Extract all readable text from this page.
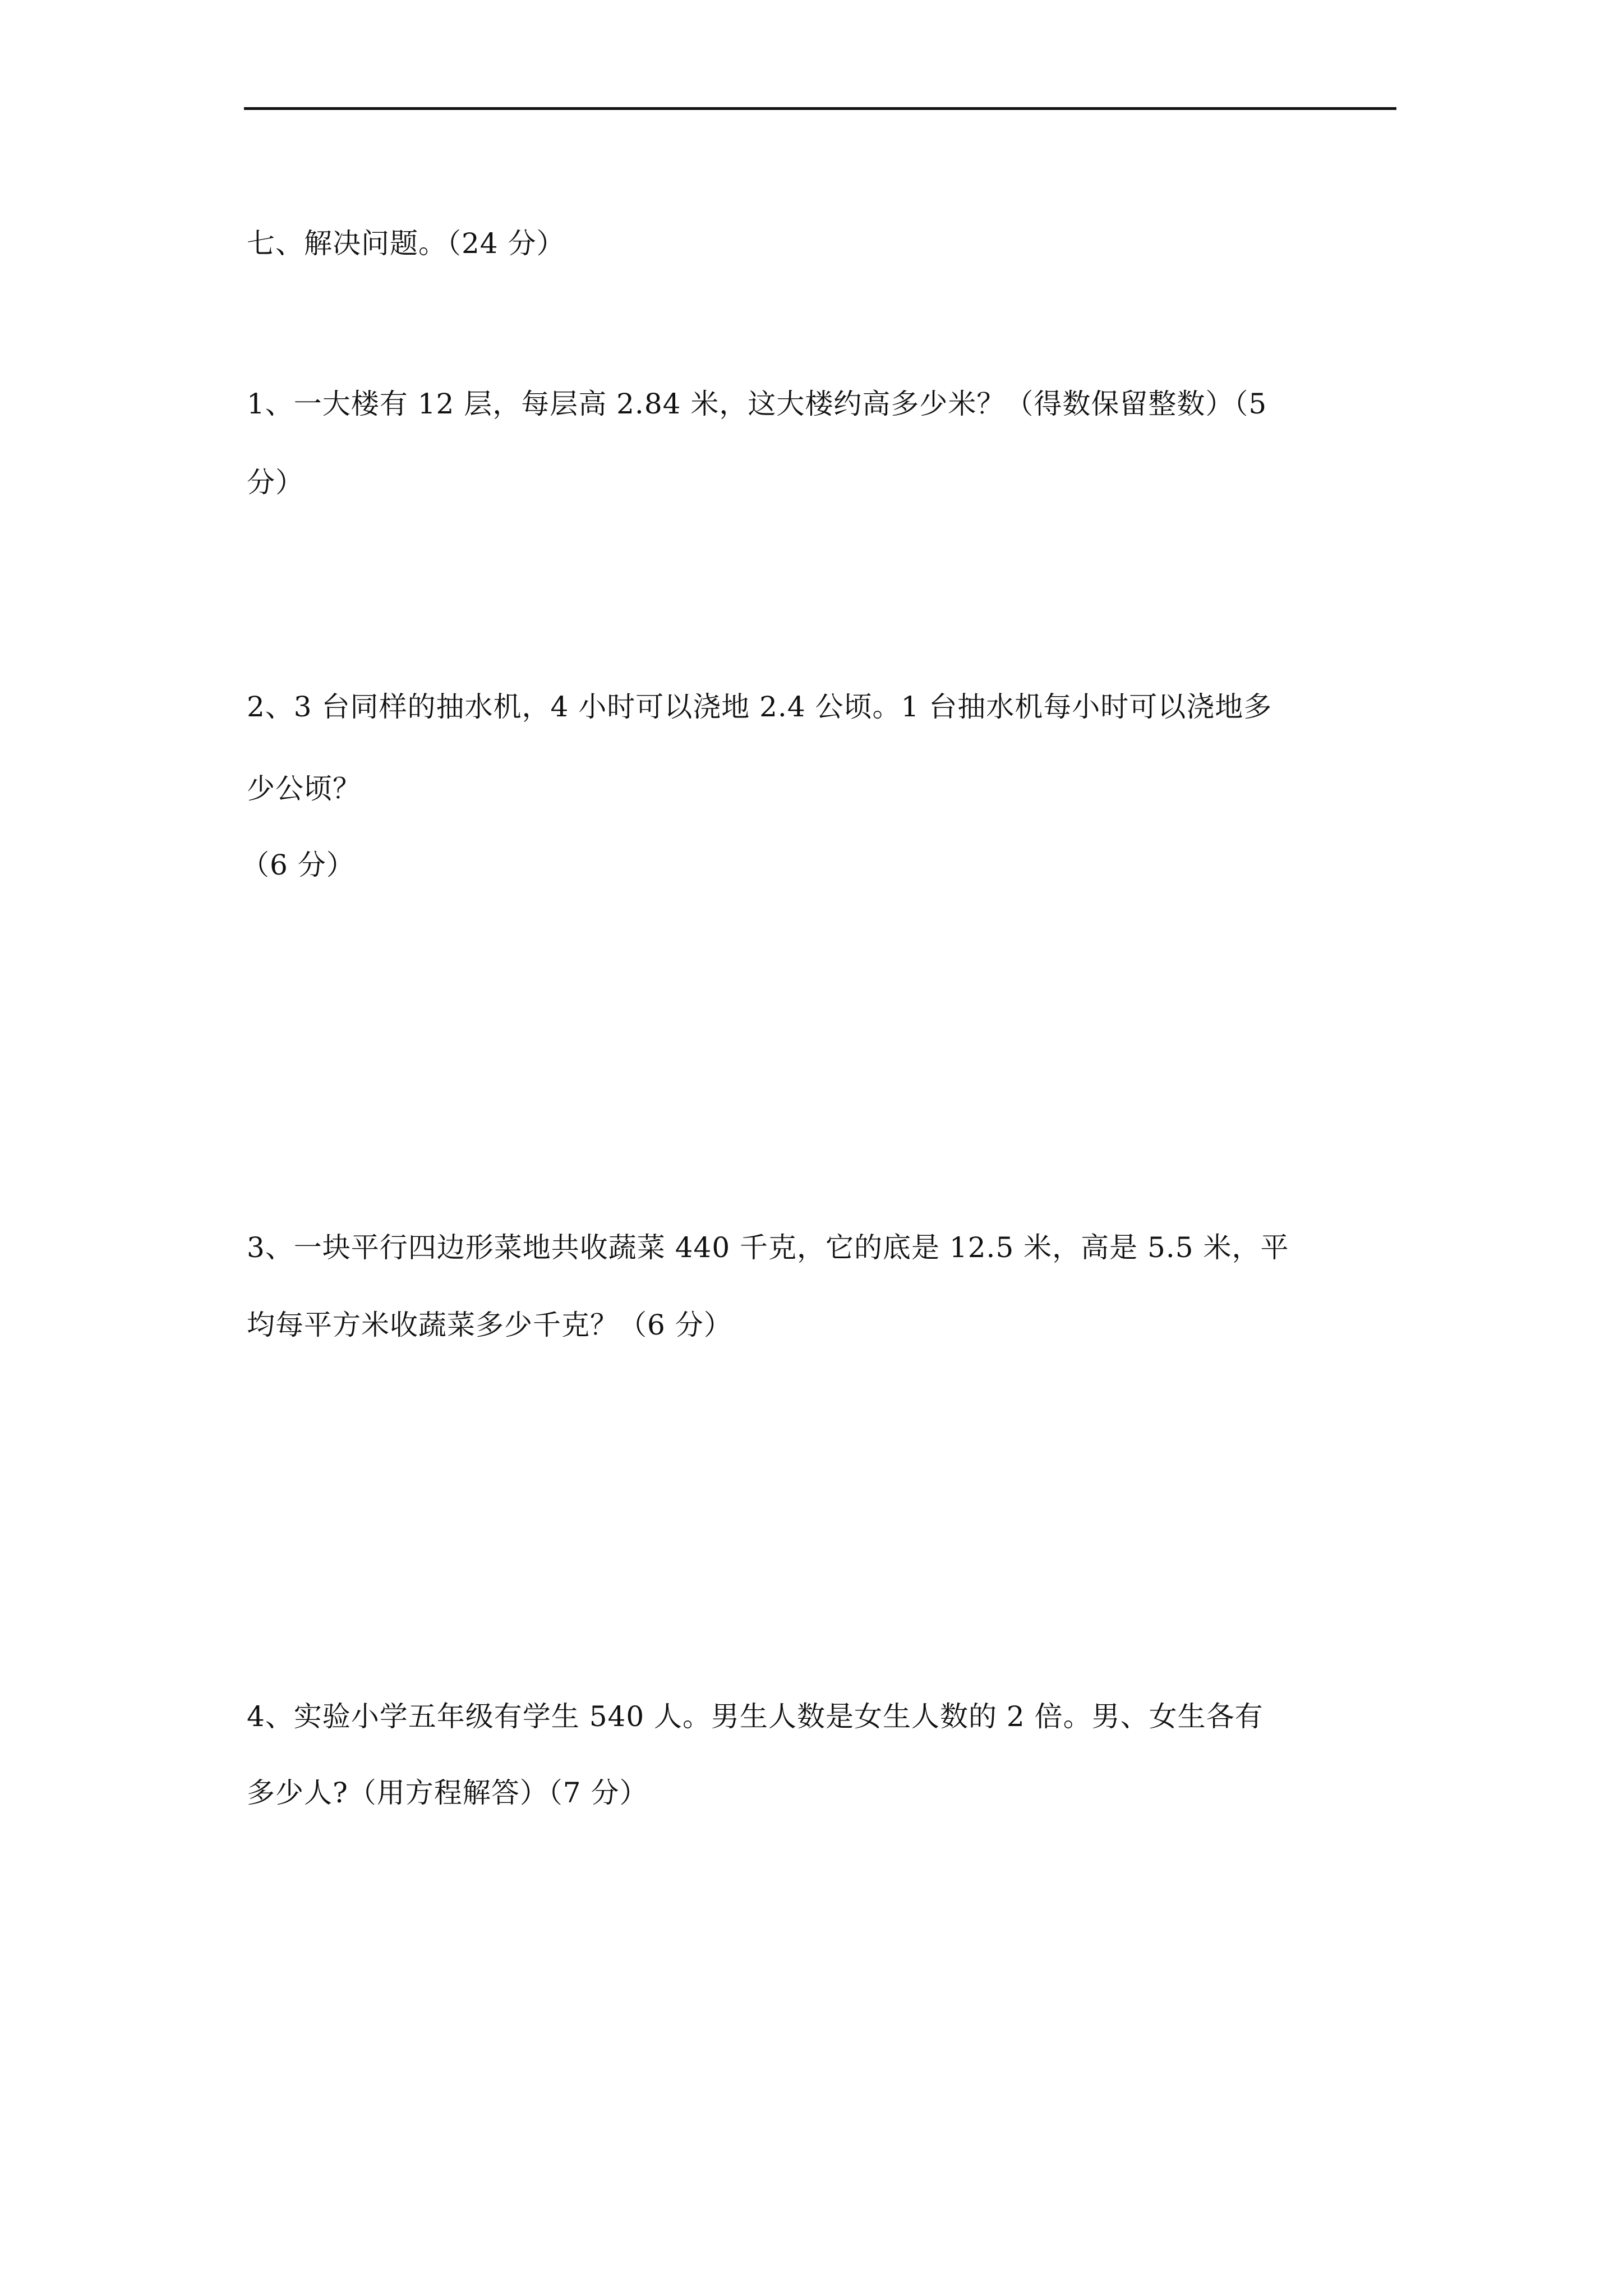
七、解决问题。（24 分）
1、一大楼有 12 层，每层高 2.84 米，这大楼约高多少米？（得数保留整数）（5
分）
2、3 台同样的抽水机，4 小时可以浇地 2.4 公顷。1 台抽水机每小时可以浇地多
少公顷？
（6 分）
3、一块平行四边形菜地共收蔬菜 440 千克，它的底是 12.5 米，高是 5.5 米，平
均每平方米收蔬菜多少千克？（6 分）
4、实验小学五年级有学生 540 人。男生人数是女生人数的 2 倍。男、女生各有
多少人?（用方程解答）（7 分）
